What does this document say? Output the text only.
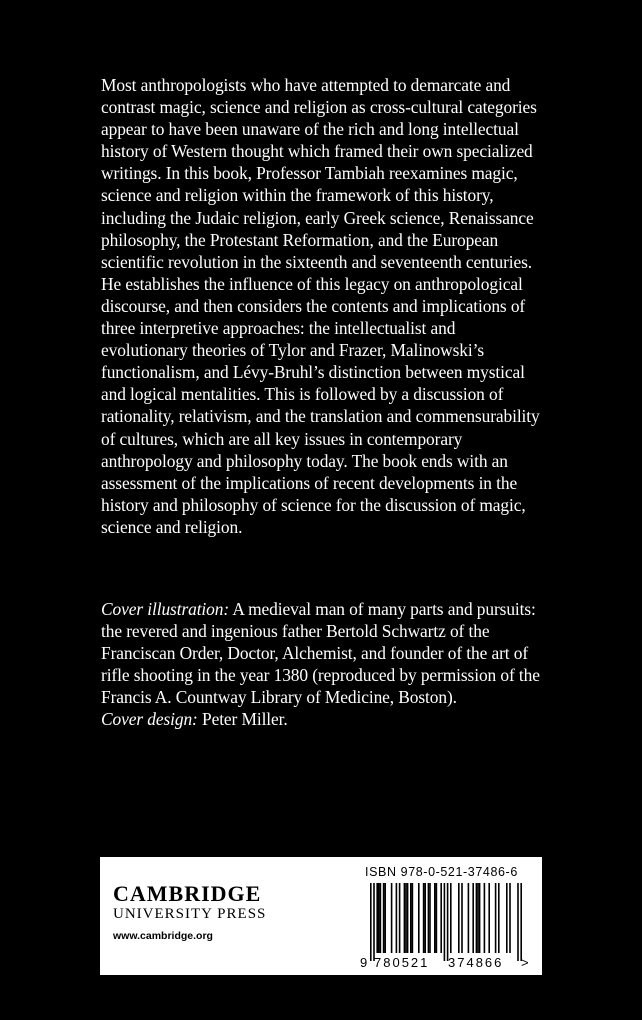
Most anthropologists who have attempted to demarcate and contrast magic, science and religion as cross-cultural categories appear to have been unaware of the rich and long intellectual history of Western thought which framed their own specialized writings. In this book, Professor Tambiah reexamines magic, science and religion within the framework of this history, including the Judaic religion, early Greek science, Renaissance philosophy, the Protestant Reformation, and the European scientific revolution in the sixteenth and seventeenth centuries. He establishes the influence of this legacy on anthropological discourse, and then considers the contents and implications of three interpretive approaches: the intellectualist and evolutionary theories of Tylor and Frazer, Malinowski’s functionalism, and Lévy-Bruhl’s distinction between mystical and logical mentalities. This is followed by a discussion of rationality, relativism, and the translation and commensurability of cultures, which are all key issues in contemporary anthropology and philosophy today. The book ends with an assessment of the implications of recent developments in the history and philosophy of science for the discussion of magic, science and religion.

Cover illustration: A medieval man of many parts and pursuits: the revered and ingenious father Bertold Schwartz of the Franciscan Order, Doctor, Alchemist, and founder of the art of rifle shooting in the year 1380 (reproduced by permission of the Francis A. Countway Library of Medicine, Boston).
Cover design: Peter Miller.

CAMBRIDGE
UNIVERSITY PRESS
www.cambridge.org
ISBN 978-0-521-37486-6
9 780521 374866 >
